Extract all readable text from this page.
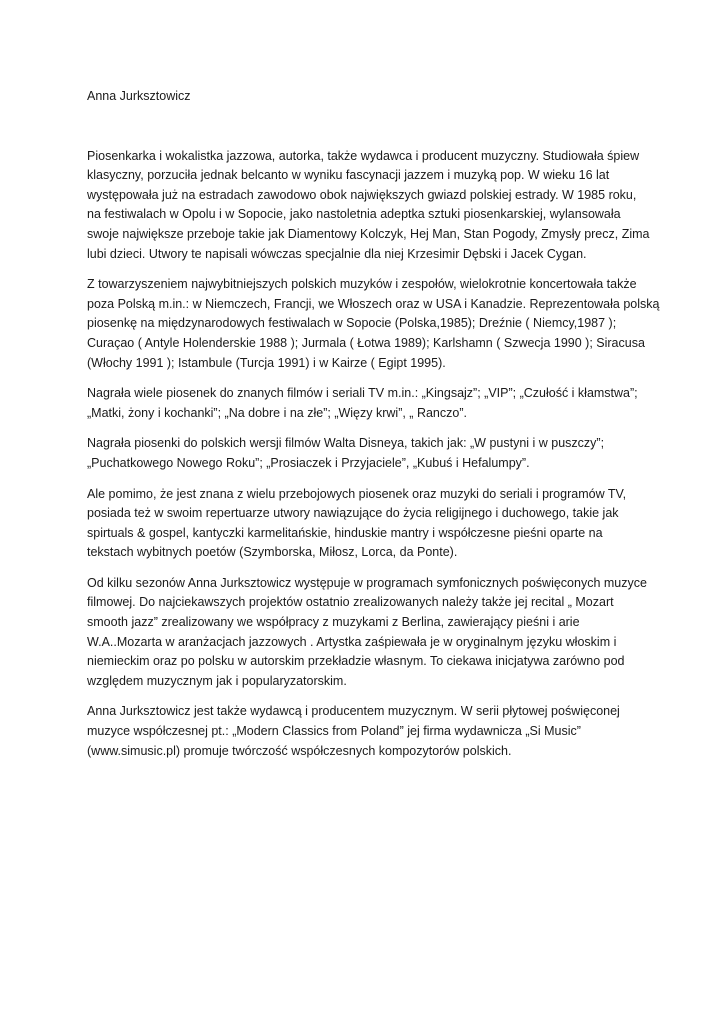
Anna Jurksztowicz
Piosenkarka i wokalistka jazzowa, autorka, także wydawca i producent muzyczny. Studiowała śpiew
klasyczny, porzuciła jednak belcanto w wyniku fascynacji jazzem i muzyką pop. W wieku 16 lat
występowała już na estradach zawodowo obok największych gwiazd polskiej estrady. W 1985 roku,
na festiwalach w Opolu i w Sopocie, jako nastoletnia adeptka sztuki piosenkarskiej, wylansowała
swoje największe przeboje takie jak Diamentowy Kolczyk, Hej Man, Stan Pogody, Zmysły precz, Zima
lubi dzieci. Utwory te napisali wówczas specjalnie dla niej Krzesimir Dębski i Jacek Cygan.
Z towarzyszeniem najwybitniejszych polskich muzyków i zespołów, wielokrotnie koncertowała także
poza Polską m.in.: w Niemczech, Francji, we Włoszech oraz w USA i Kanadzie. Reprezentowała polską
piosenkę na międzynarodowych festiwalach w Sopocie (Polska,1985); Dreźnie ( Niemcy,1987 );
Curaçao ( Antyle Holenderskie 1988 ); Jurmala ( Łotwa 1989); Karlshamn ( Szwecja 1990 ); Siracusa
(Włochy 1991 ); Istambule (Turcja 1991) i w Kairze ( Egipt 1995).
Nagrała wiele piosenek do znanych filmów i seriali TV m.in.: „Kingsajz”; „VIP”; „Czułość i kłamstwa”;
„Matki, żony i kochanki”; „Na dobre i na złe”; „Więzy krwi”, „ Ranczo”.
Nagrała piosenki do polskich wersji filmów Walta Disneya, takich jak: „W pustyni i w puszczy”;
„Puchatkowego Nowego Roku”; „Prosiaczek i Przyjaciele”, „Kubuś i Hefalumpy”.
Ale pomimo, że jest znana z wielu przebojowych piosenek oraz muzyki do seriali i programów TV,
posiada też w swoim repertuarze utwory nawiązujące do życia religijnego i duchowego, takie jak
spirtuals & gospel, kantyczki karmelitańskie, hinduskie mantry i współczesne pieśni oparte na
tekstach wybitnych poetów (Szymborska, Miłosz, Lorca, da Ponte).
Od kilku sezonów Anna Jurksztowicz występuje w programach symfonicznych poświęconych muzyce
filmowej. Do najciekawszych projektów ostatnio zrealizowanych należy także jej recital „ Mozart
smooth jazz” zrealizowany we współpracy z muzykami z Berlina, zawierający pieśni i arie
W.A..Mozarta w aranżacjach jazzowych . Artystka zaśpiewała je w oryginalnym języku włoskim i
niemieckim oraz po polsku w autorskim przekładzie własnym. To ciekawa inicjatywa zarówno pod
względem muzycznym jak i popularyzatorskim.
Anna Jurksztowicz jest także wydawcą i producentem muzycznym. W serii płytowej poświęconej
muzyce współczesnej pt.: „Modern Classics from Poland” jej firma wydawnicza „Si Music”
(www.simusic.pl) promuje twórczość współczesnych kompozytorów polskich.
